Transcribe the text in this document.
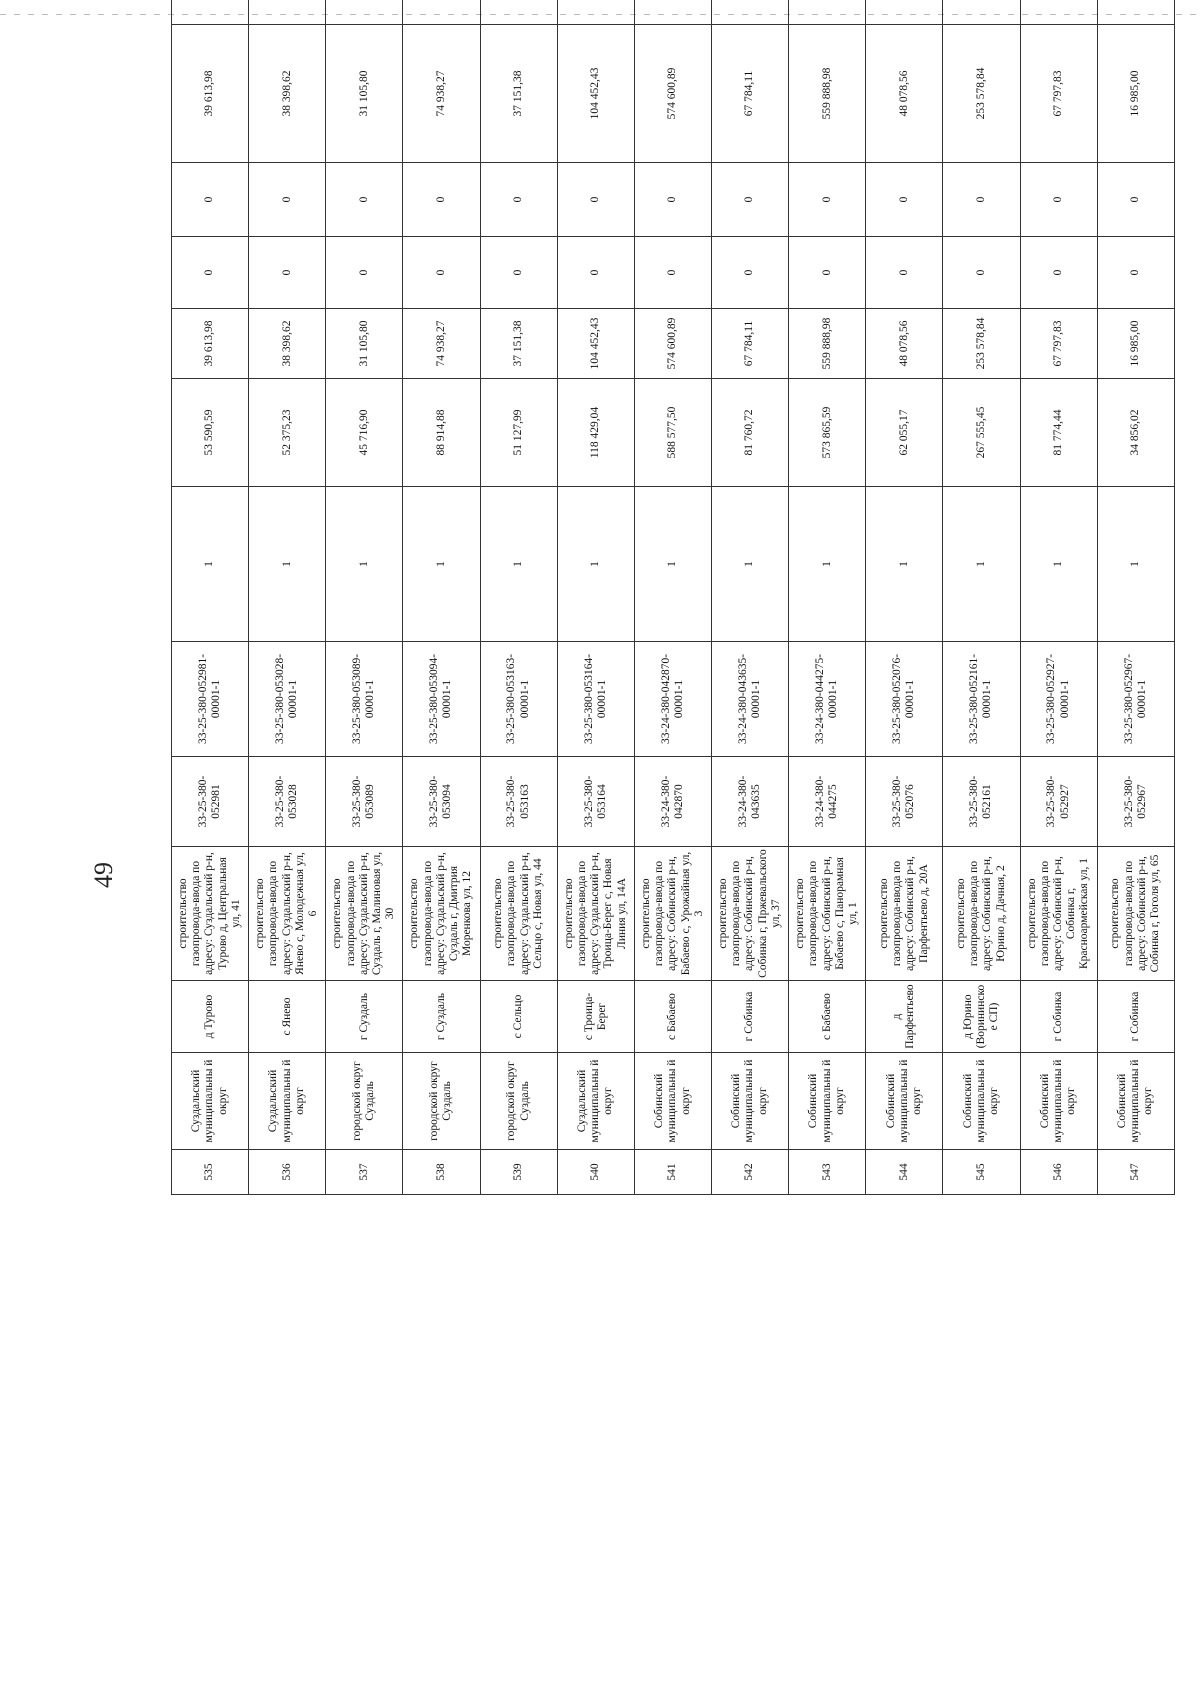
49
535	Суздальский муниципальны й округ	д Турово	строительство газопровода-ввода по адресу: Суздальский р-н, Турово д, Центральная ул, 41	33-25-380-052981	33-25-380-052981-00001-1	1	53 590,59	39 613,98	0	0	39 613,98	
536	Суздальский муниципальны й округ	с Янево	строительство газопровода-ввода по адресу: Суздальский р-н, Янево с, Молодежная ул, 6	33-25-380-053028	33-25-380-053028-00001-1	1	52 375,23	38 398,62	0	0	38 398,62	
537	городской округ Суздаль	г Суздаль	строительство газопровода-ввода по адресу: Суздальский р-н, Суздаль г, Малиновая ул, 30	33-25-380-053089	33-25-380-053089-00001-1	1	45 716,90	31 105,80	0	0	31 105,80	
538	городской округ Суздаль	г Суздаль	строительство газопровода-ввода по адресу: Суздальский р-н, Суздаль г, Дмитрия Моренкова ул, 12	33-25-380-053094	33-25-380-053094-00001-1	1	88 914,88	74 938,27	0	0	74 938,27	
539	городской округ Суздаль	с Сельцо	строительство газопровода-ввода по адресу: Суздальский р-н, Сельцо с, Новая ул, 44	33-25-380-053163	33-25-380-053163-00001-1	1	51 127,99	37 151,38	0	0	37 151,38	
540	Суздальский муниципальны й округ	с Троица-Берег	строительство газопровода-ввода по адресу: Суздальский р-н, Троица-Берег с, Новая Линия ул, 14А	33-25-380-053164	33-25-380-053164-00001-1	1	118 429,04	104 452,43	0	0	104 452,43	
541	Собинский муниципальны й округ	с Бабаево	строительство газопровода-ввода по адресу: Собинский р-н, Бабаево с, Урожайная ул, 3	33-24-380-042870	33-24-380-042870-00001-1	1	588 577,50	574 600,89	0	0	574 600,89	
542	Собинский муниципальны й округ	г Собинка	строительство газопровода-ввода по адресу: Собинский р-н, Собинка г, Пржевальского ул, 37	33-24-380-043635	33-24-380-043635-00001-1	1	81 760,72	67 784,11	0	0	67 784,11	
543	Собинский муниципальны й округ	с Бабаево	строительство газопровода-ввода по адресу: Собинский р-н, Бабаево с, Панорамная ул, 1	33-24-380-044275	33-24-380-044275-00001-1	1	573 865,59	559 888,98	0	0	559 888,98	
544	Собинский муниципальны й округ	д Парфентьево	строительство газопровода-ввода по адресу: Собинский р-н, Парфентьево д, 20А	33-25-380-052076	33-25-380-052076-00001-1	1	62 055,17	48 078,56	0	0	48 078,56	
545	Собинский муниципальны й округ	д Юрино (Ворининское СП)	строительство газопровода-ввода по адресу: Собинский р-н, Юрино д, Дачная, 2	33-25-380-052161	33-25-380-052161-00001-1	1	267 555,45	253 578,84	0	0	253 578,84	
546	Собинский муниципальны й округ	г Собинка	строительство газопровода-ввода по адресу: Собинский р-н, Собинка г, Красноармейская ул, 1	33-25-380-052927	33-25-380-052927-00001-1	1	81 774,44	67 797,83	0	0	67 797,83	
547	Собинский муниципальны й округ	г Собинка	строительство газопровода-ввода по адресу: Собинский р-н, Собинка г, Гоголя ул, 65	33-25-380-052967	33-25-380-052967-00001-1	1	34 856,02	16 985,00	0	0	16 985,00	
